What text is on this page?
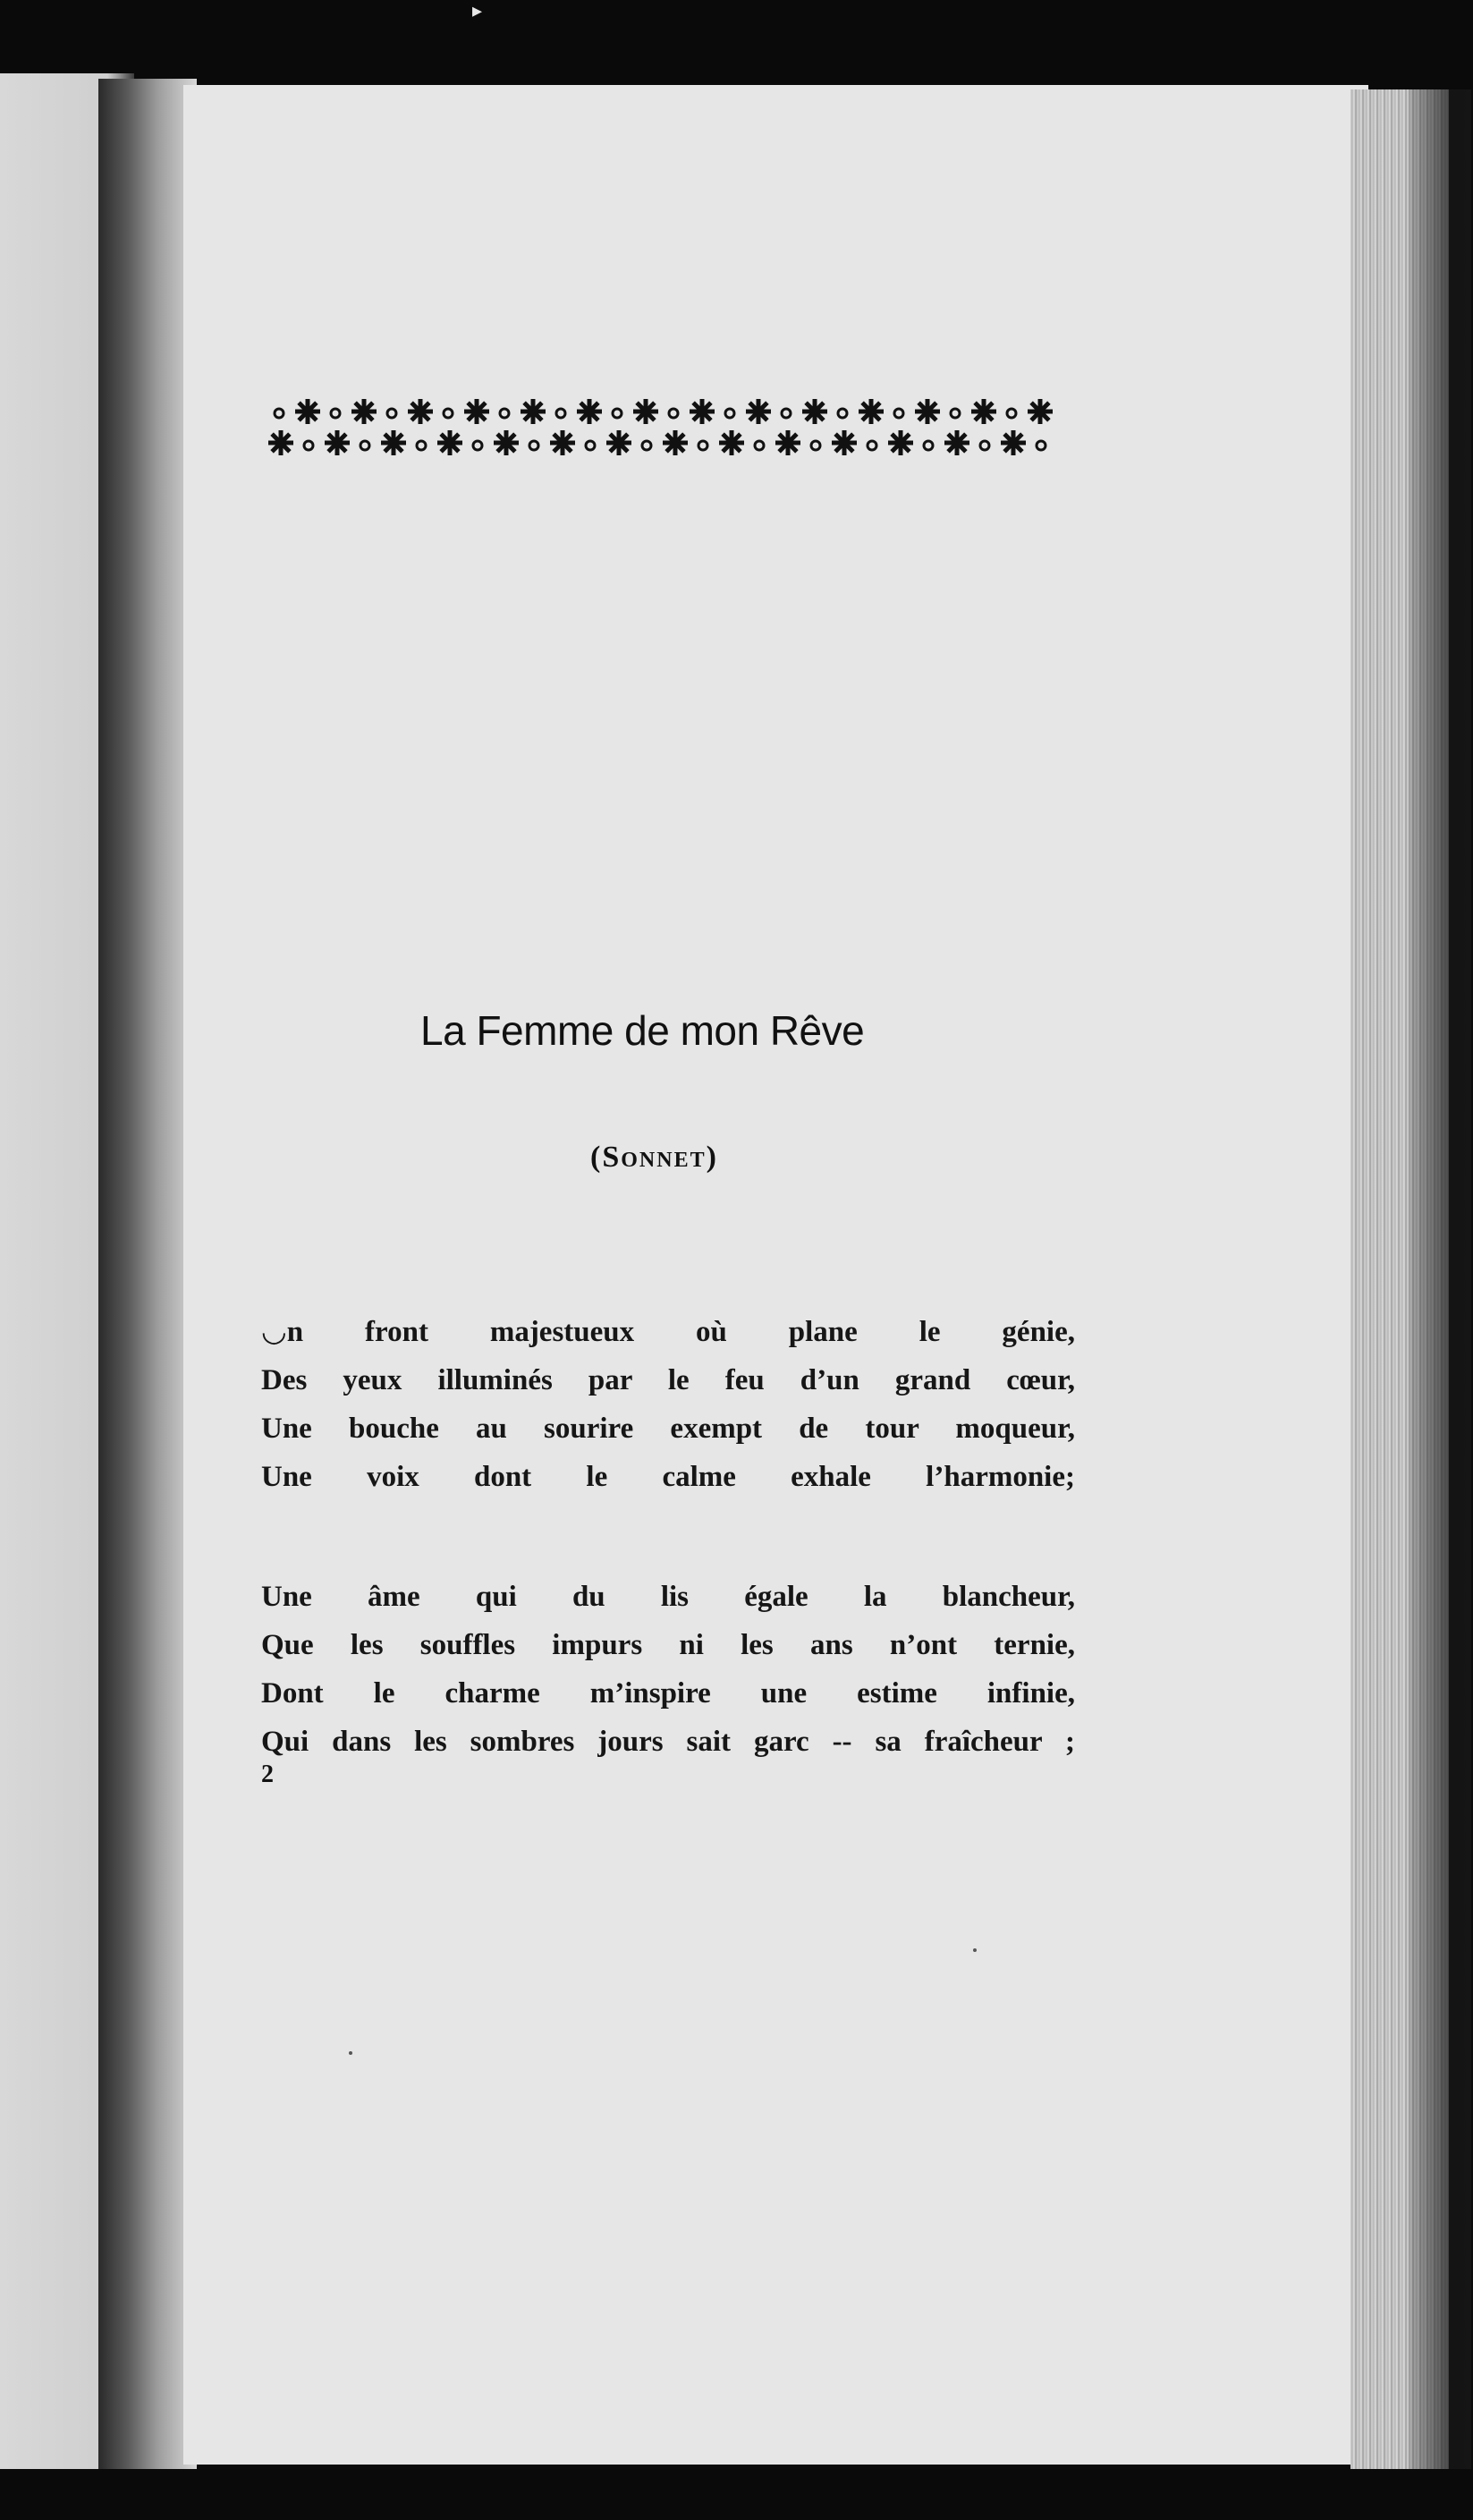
▸
La Femme de mon Rêve
(Sonnet)
◡n front majestueux où plane le génie,
Des yeux illuminés par le feu d’un grand cœur,
Une bouche au sourire exempt de tour moqueur,
Une voix dont le calme exhale l’harmonie;
Une âme qui du lis égale la blancheur,
Que les souffles impurs ni les ans n’ont ternie,
Dont le charme m’inspire une estime infinie,
Qui dans les sombres jours sait garc -- sa fraîcheur ;
2
